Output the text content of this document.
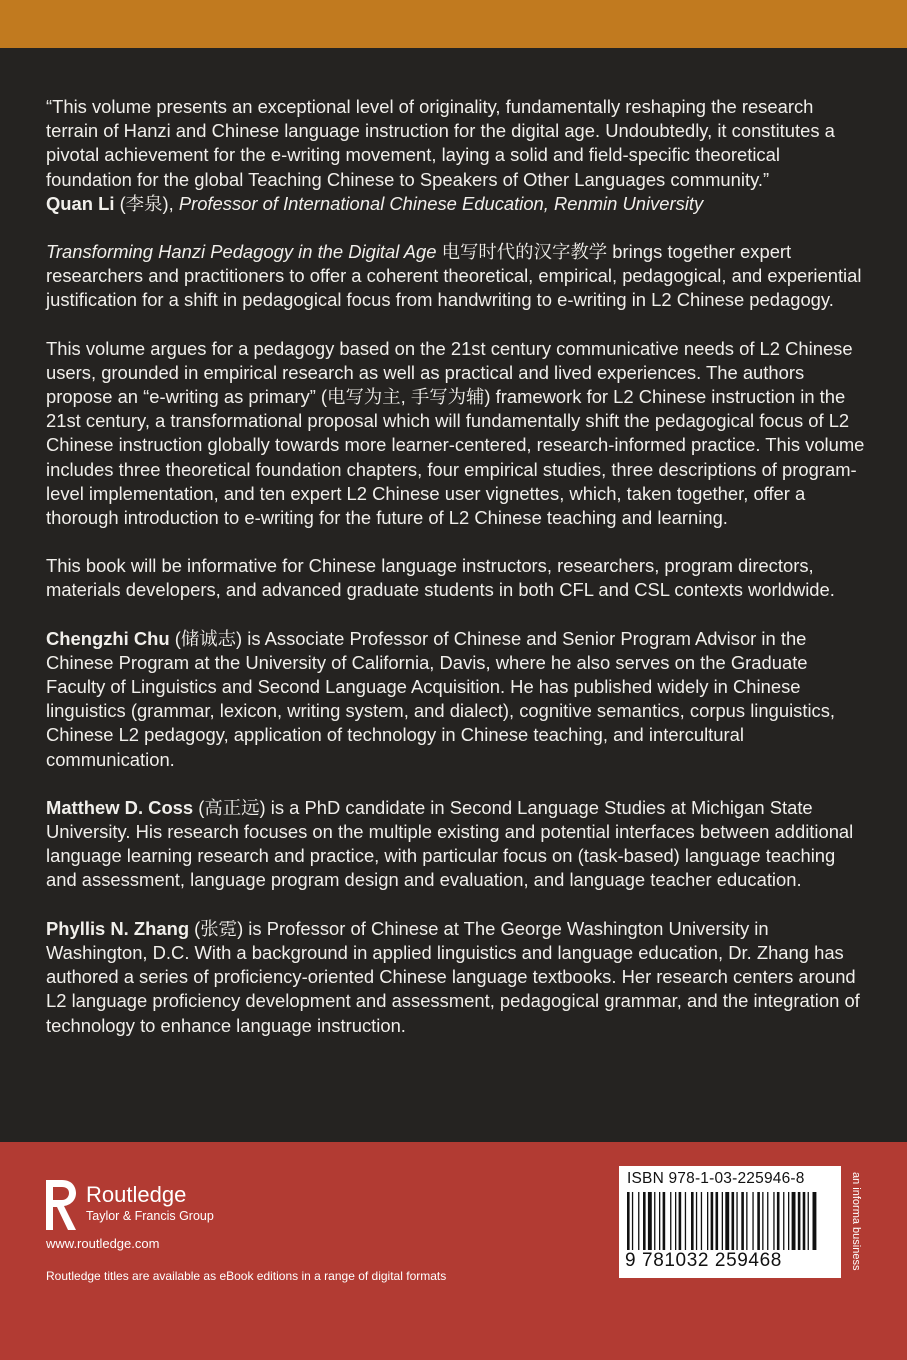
“This volume presents an exceptional level of originality, fundamentally reshaping the research terrain of Hanzi and Chinese language instruction for the digital age. Undoubtedly, it constitutes a pivotal achievement for the e-writing movement, laying a solid and field-specific theoretical foundation for the global Teaching Chinese to Speakers of Other Languages community.”
Quan Li (李泉), Professor of International Chinese Education, Renmin University

Transforming Hanzi Pedagogy in the Digital Age 电写时代的汉字教学 brings together expert researchers and practitioners to offer a coherent theoretical, empirical, pedagogical, and experiential justification for a shift in pedagogical focus from handwriting to e-writing in L2 Chinese pedagogy.

This volume argues for a pedagogy based on the 21st century communicative needs of L2 Chinese users, grounded in empirical research as well as practical and lived experiences. The authors propose an “e-writing as primary” (电写为主, 手写为辅) framework for L2 Chinese instruction in the 21st century, a transformational proposal which will fundamentally shift the pedagogical focus of L2 Chinese instruction globally towards more learner-centered, research-informed practice. This volume includes three theoretical foundation chapters, four empirical studies, three descriptions of program-level implementation, and ten expert L2 Chinese user vignettes, which, taken together, offer a thorough introduction to e-writing for the future of L2 Chinese teaching and learning.

This book will be informative for Chinese language instructors, researchers, program directors, materials developers, and advanced graduate students in both CFL and CSL contexts worldwide.

Chengzhi Chu (储诚志) is Associate Professor of Chinese and Senior Program Advisor in the Chinese Program at the University of California, Davis, where he also serves on the Graduate Faculty of Linguistics and Second Language Acquisition. He has published widely in Chinese linguistics (grammar, lexicon, writing system, and dialect), cognitive semantics, corpus linguistics, Chinese L2 pedagogy, application of technology in Chinese teaching, and intercultural communication.

Matthew D. Coss (高正远) is a PhD candidate in Second Language Studies at Michigan State University. His research focuses on the multiple existing and potential interfaces between additional language learning research and practice, with particular focus on (task-based) language teaching and assessment, language program design and evaluation, and language teacher education.

Phyllis N. Zhang (张霓) is Professor of Chinese at The George Washington University in Washington, D.C. With a background in applied linguistics and language education, Dr. Zhang has authored a series of proficiency-oriented Chinese language textbooks. Her research centers around L2 language proficiency development and assessment, pedagogical grammar, and the integration of technology to enhance language instruction.

Routledge
Taylor & Francis Group
www.routledge.com
Routledge titles are available as eBook editions in a range of digital formats
ISBN 978-1-03-225946-8
9 781032 259468	an informa business
